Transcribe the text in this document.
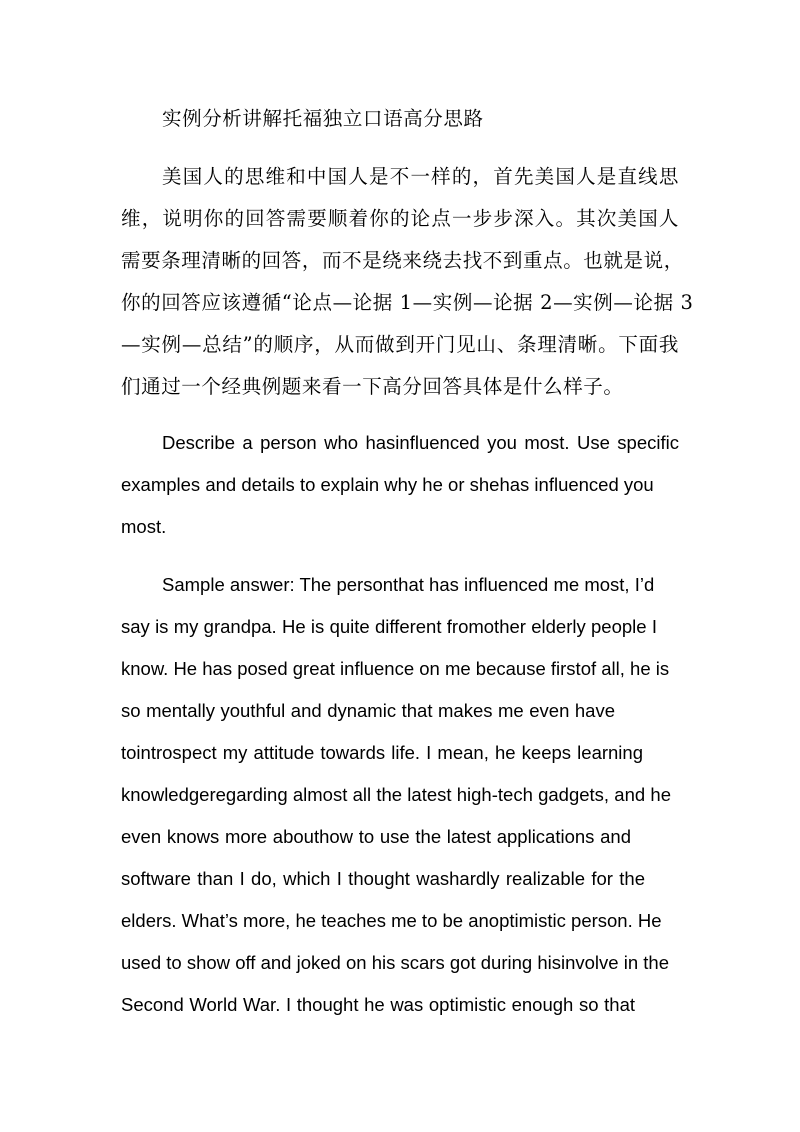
实例分析讲解托福独立口语高分思路
美国人的思维和中国人是不一样的，首先美国人是直线思
维，说明你的回答需要顺着你的论点一步步深入。其次美国人
需要条理清晰的回答，而不是绕来绕去找不到重点。也就是说，
你的回答应该遵循“论点—论据 1—实例—论据 2—实例—论据 3
—实例—总结”的顺序，从而做到开门见山、条理清晰。下面我
们通过一个经典例题来看一下高分回答具体是什么样子。
Describe a person who hasinfluenced you most. Use specific
examples and details to explain why he or shehas influenced you
most.
Sample answer: The personthat has influenced me most, I’d
say is my grandpa. He is quite different fromother elderly people I
know. He has posed great influence on me because firstof all, he is
so mentally youthful and dynamic that makes me even have
tointrospect my attitude towards life. I mean, he keeps learning
knowledgeregarding almost all the latest high-tech gadgets, and he
even knows more abouthow to use the latest applications and
software than I do, which I thought washardly realizable for the
elders. What’s more, he teaches me to be anoptimistic person. He
used to show off and joked on his scars got during hisinvolve in the
Second World War. I thought he was optimistic enough so that
